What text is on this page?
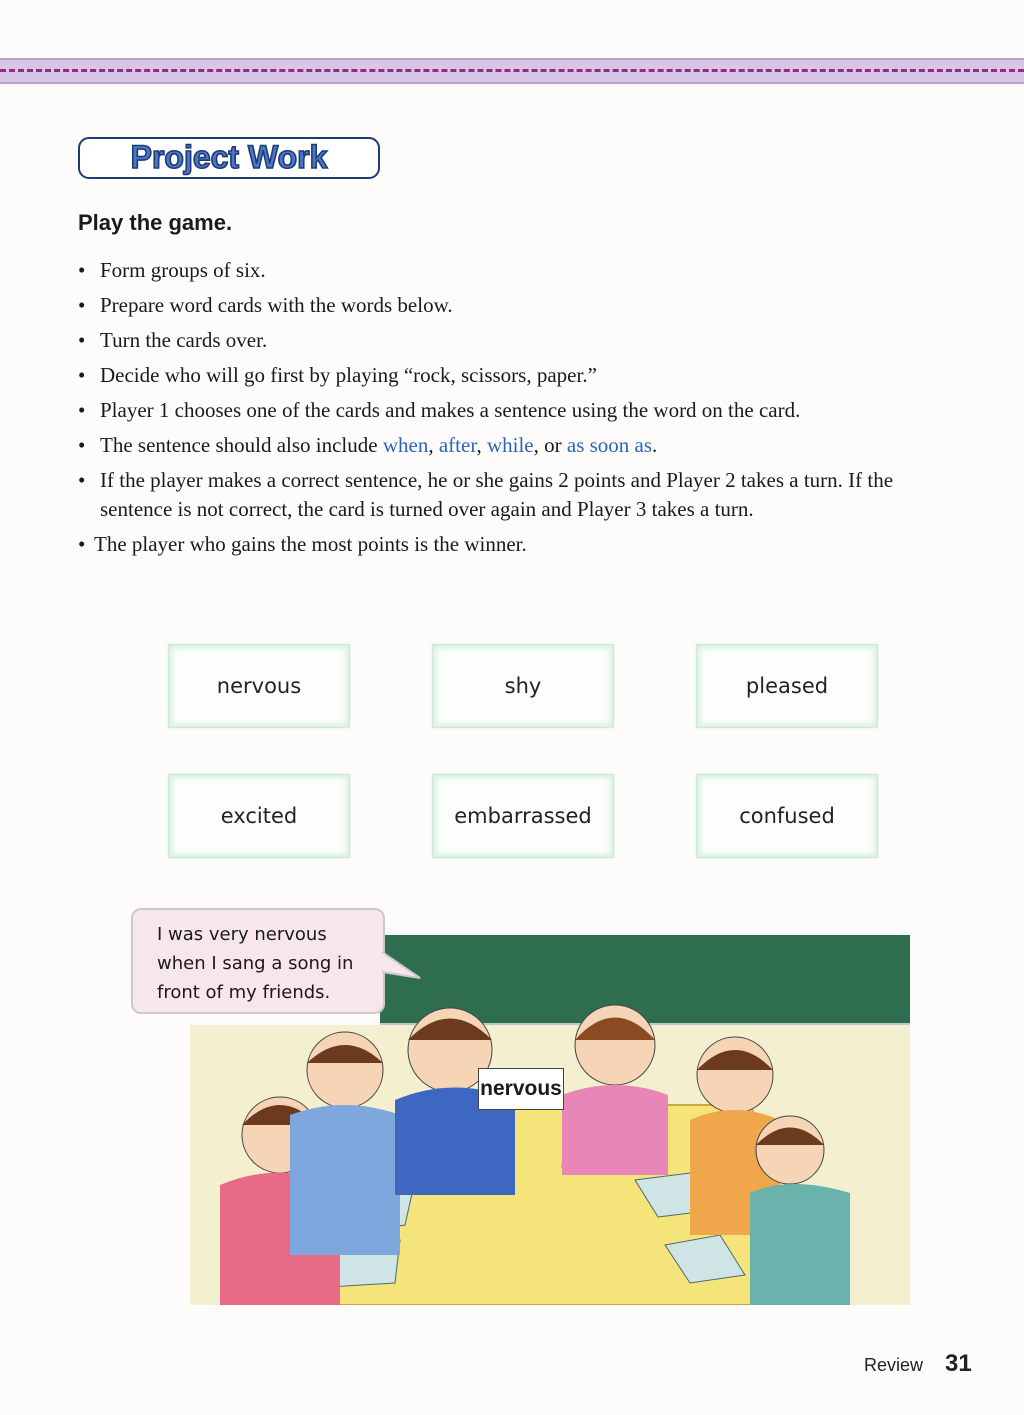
Project Work
Play the game.
• Form groups of six.
• Prepare word cards with the words below.
• Turn the cards over.
• Decide who will go first by playing “rock, scissors, paper.”
• Player 1 chooses one of the cards and makes a sentence using the word on the card.
• The sentence should also include when, after, while, or as soon as.
• If the player makes a correct sentence, he or she gains 2 points and Player 2 takes a turn. If the sentence is not correct, the card is turned over again and Player 3 takes a turn.
• The player who gains the most points is the winner.
nervous	shy	pleased
excited	embarrassed	confused
nervous
I was very nervous
when I sang a song in
front of my friends.
Review 31
